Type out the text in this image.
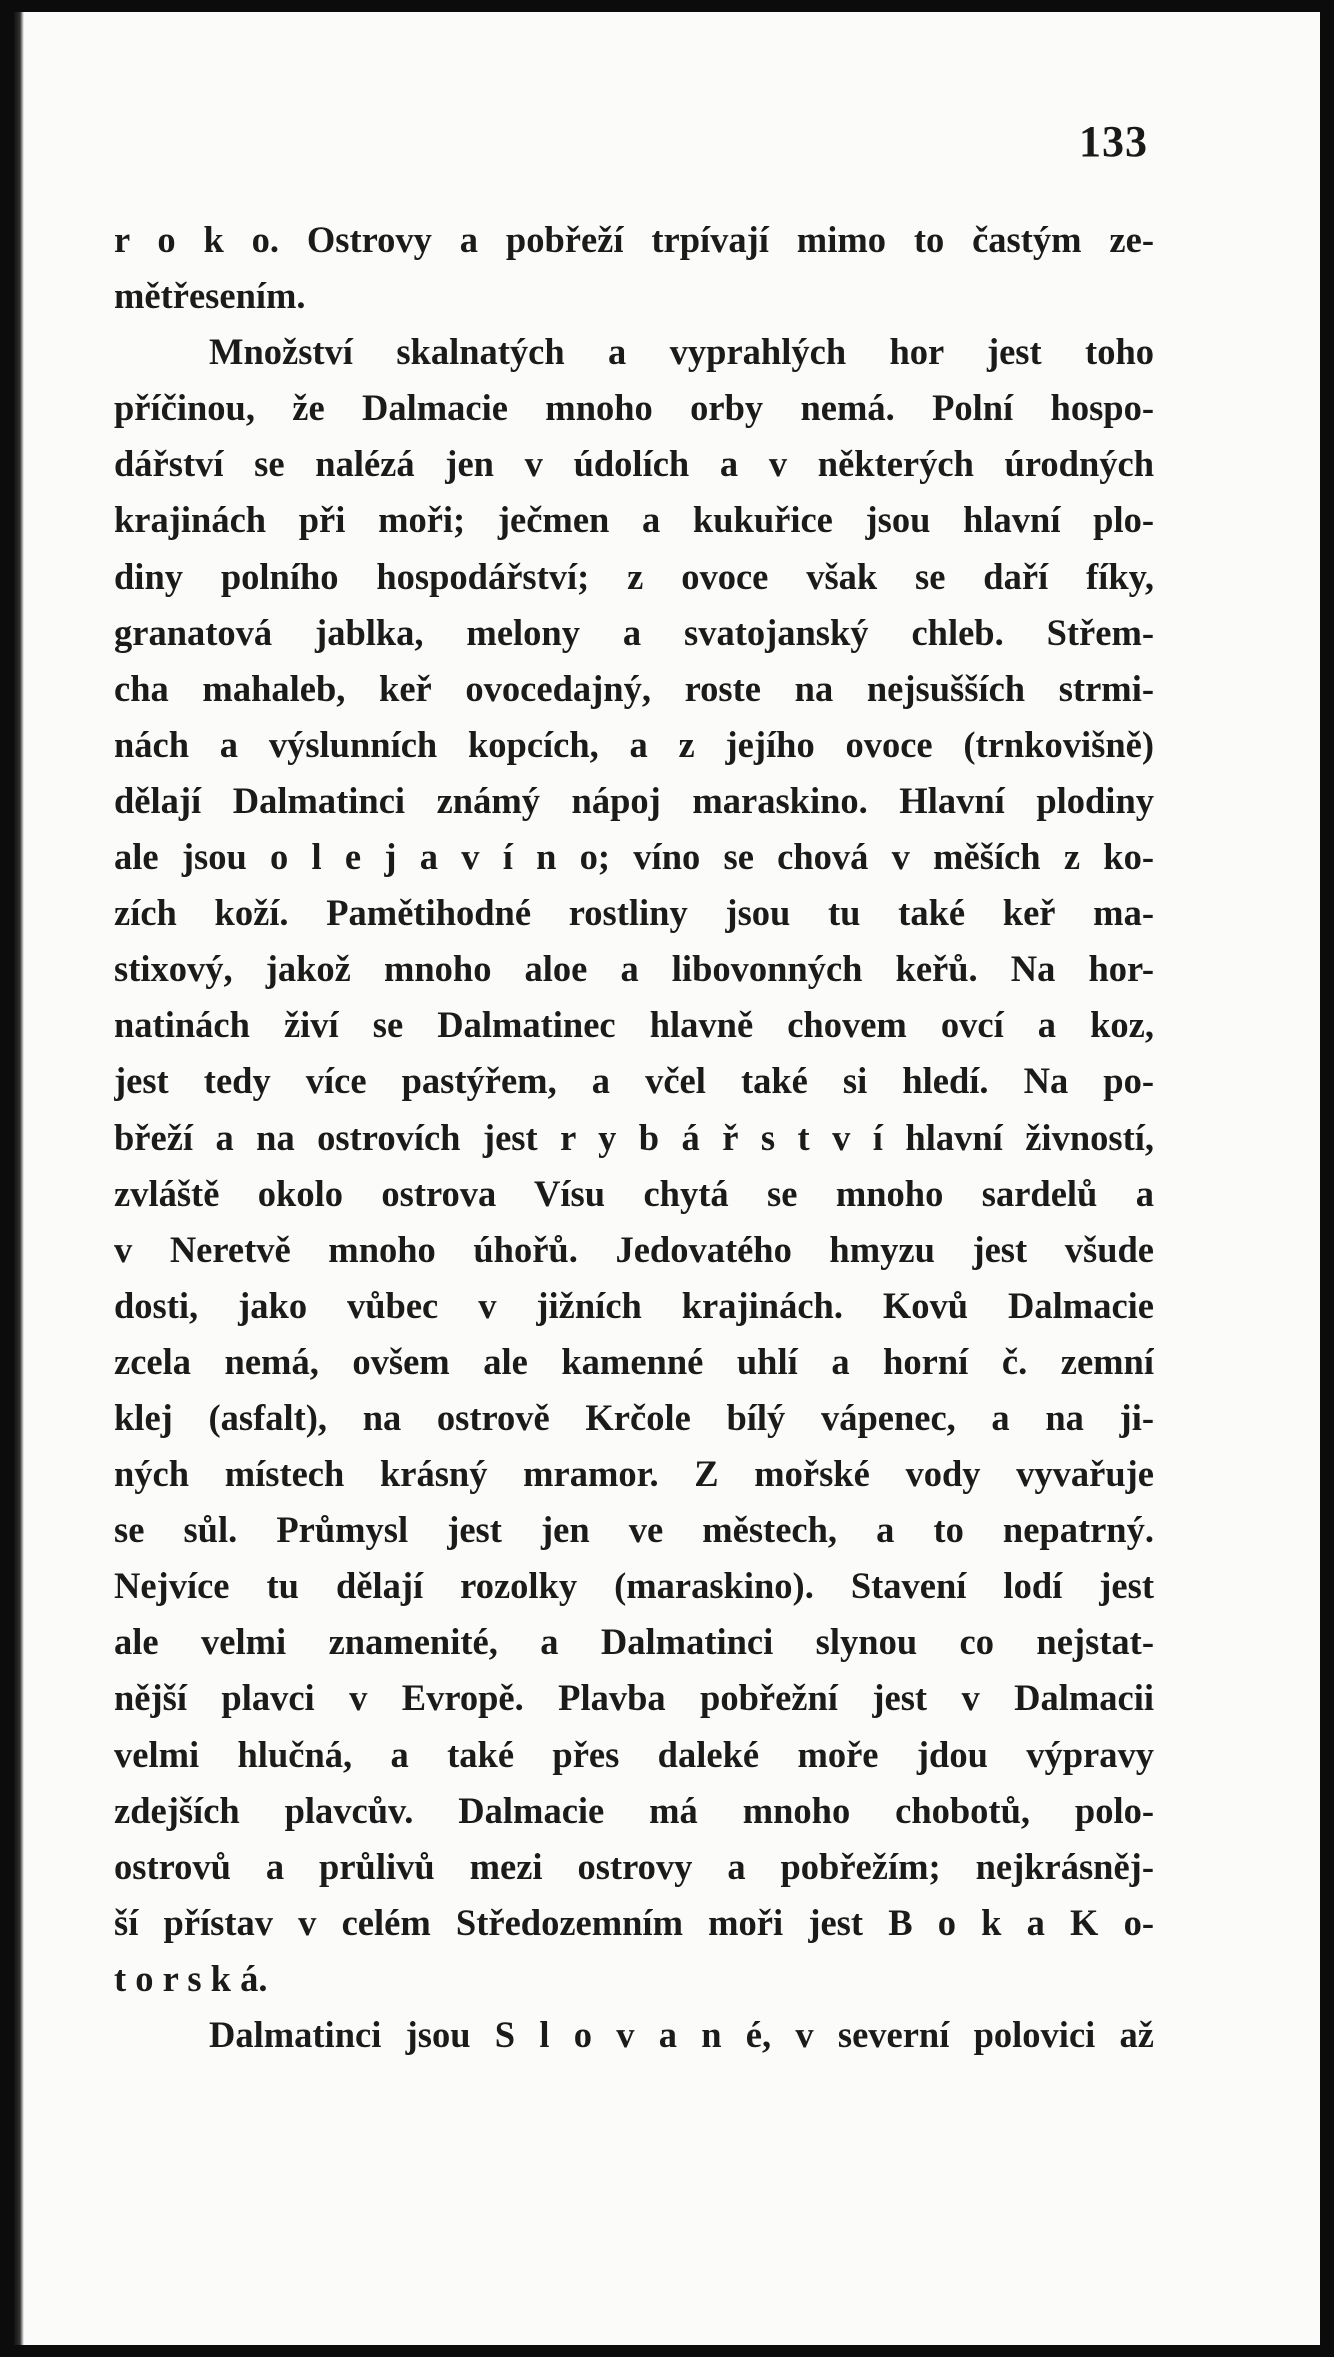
133
r o k o. Ostrovy a pobřeží trpívají mimo to častým ze-
mětřesením.
Množství skalnatých a vyprahlých hor jest toho
příčinou, že Dalmacie mnoho orby nemá. Polní hospo-
dářství se nalézá jen v údolích a v některých úrodných
krajinách při moři; ječmen a kukuřice jsou hlavní plo-
diny polního hospodářství; z ovoce však se daří fíky,
granatová jablka, melony a svatojanský chleb. Střem-
cha mahaleb, keř ovocedajný, roste na nejsušších strmi-
nách a výslunních kopcích, a z jejího ovoce (trnkovišně)
dělají Dalmatinci známý nápoj maraskino. Hlavní plodiny
ale jsou o l e j a v í n o; víno se chová v měších z ko-
zích koží. Pamětihodné rostliny jsou tu také keř ma-
stixový, jakož mnoho aloe a libovonných keřů. Na hor-
natinách živí se Dalmatinec hlavně chovem ovcí a koz,
jest tedy více pastýřem, a včel také si hledí. Na po-
břeží a na ostrovích jest r y b á ř s t v í hlavní živností,
zvláště okolo ostrova Vísu chytá se mnoho sardelů a
v Neretvě mnoho úhořů. Jedovatého hmyzu jest všude
dosti, jako vůbec v jižních krajinách. Kovů Dalmacie
zcela nemá, ovšem ale kamenné uhlí a horní č. zemní
klej (asfalt), na ostrově Krčole bílý vápenec, a na ji-
ných místech krásný mramor. Z mořské vody vyvařuje
se sůl. Průmysl jest jen ve městech, a to nepatrný.
Nejvíce tu dělají rozolky (maraskino). Stavení lodí jest
ale velmi znamenité, a Dalmatinci slynou co nejstat-
nější plavci v Evropě. Plavba pobřežní jest v Dalmacii
velmi hlučná, a také přes daleké moře jdou výpravy
zdejších plavcův. Dalmacie má mnoho chobotů, polo-
ostrovů a průlivů mezi ostrovy a pobřežím; nejkrásněj-
ší přístav v celém Středozemním moři jest B o k a K o-
t o r s k á.
Dalmatinci jsou S l o v a n é, v severní polovici až
